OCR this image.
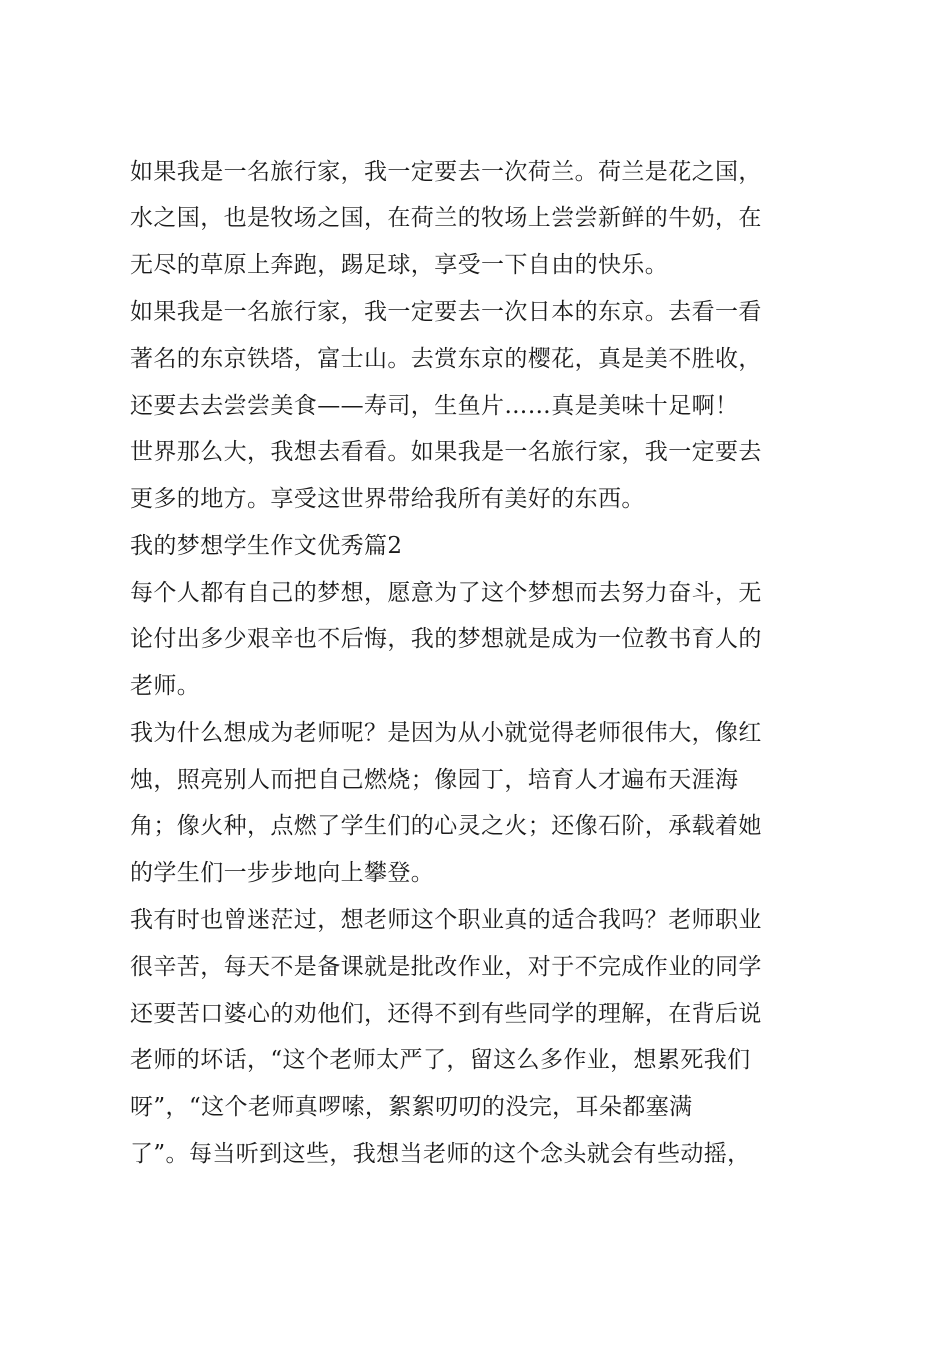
如果我是一名旅行家，我一定要去一次荷兰。荷兰是花之国，
水之国，也是牧场之国，在荷兰的牧场上尝尝新鲜的牛奶，在
无尽的草原上奔跑，踢足球，享受一下自由的快乐。
如果我是一名旅行家，我一定要去一次日本的东京。去看一看
著名的东京铁塔，富士山。去赏东京的樱花，真是美不胜收，
还要去去尝尝美食——寿司，生鱼片……真是美味十足啊！
世界那么大，我想去看看。如果我是一名旅行家，我一定要去
更多的地方。享受这世界带给我所有美好的东西。
我的梦想学生作文优秀篇2
每个人都有自己的梦想，愿意为了这个梦想而去努力奋斗，无
论付出多少艰辛也不后悔，我的梦想就是成为一位教书育人的
老师。
我为什么想成为老师呢？是因为从小就觉得老师很伟大，像红
烛，照亮别人而把自己燃烧；像园丁，培育人才遍布天涯海
角；像火种，点燃了学生们的心灵之火；还像石阶，承载着她
的学生们一步步地向上攀登。
我有时也曾迷茫过，想老师这个职业真的适合我吗？老师职业
很辛苦，每天不是备课就是批改作业，对于不完成作业的同学
还要苦口婆心的劝他们，还得不到有些同学的理解，在背后说
老师的坏话，“这个老师太严了，留这么多作业，想累死我们
呀”，“这个老师真啰嗦，絮絮叨叨的没完，耳朵都塞满
了”。每当听到这些，我想当老师的这个念头就会有些动摇，
